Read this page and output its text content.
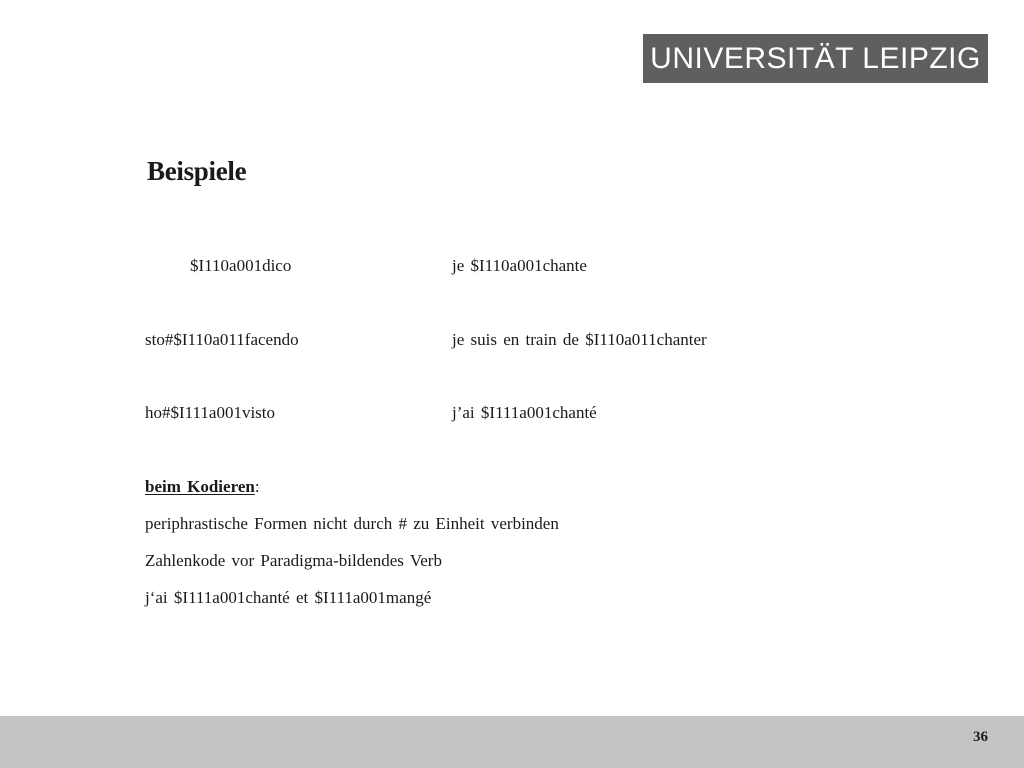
UNIVERSITÄT LEIPZIG
Beispiele
$I110a001dico	je $I110a001chante
sto#$I110a011facendo	je suis en train de $I110a011chanter
ho#$I111a001visto	j’ai $I111a001chanté
beim Kodieren:
periphrastische Formen nicht durch # zu Einheit verbinden
Zahlenkode vor Paradigma-bildendes Verb
j‘ai $I111a001chanté et $I111a001mangé
36
